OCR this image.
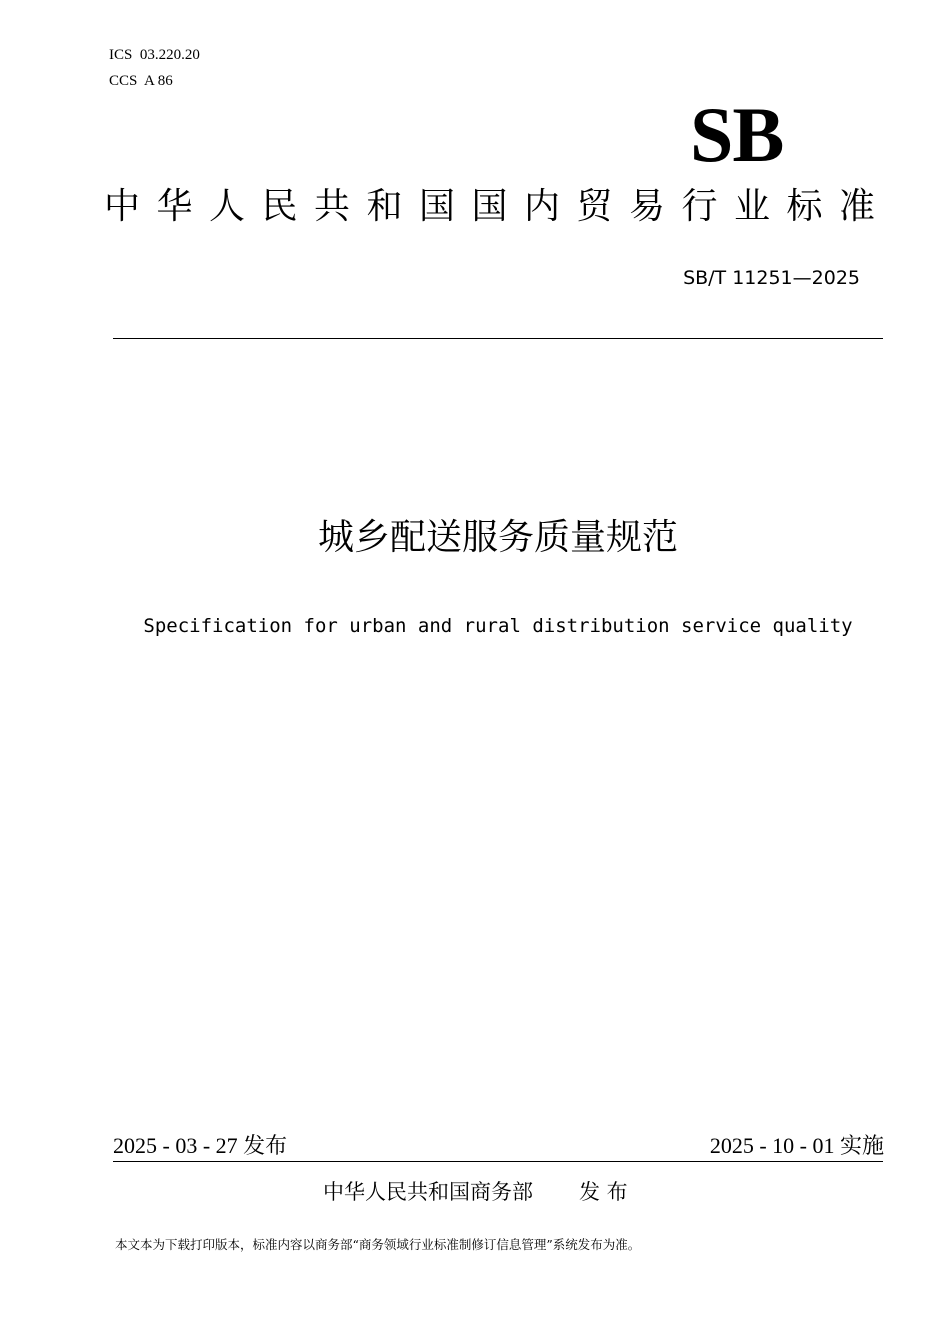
ICS  03.220.20
CCS  A 86
SB
中华人民共和国国内贸易行业标准
SB/T 11251—2025
城乡配送服务质量规范
Specification for urban and rural distribution service quality
2025 - 03 - 27 发布	2025 - 10 - 01 实施
中华人民共和国商务部 发 布
本文本为下载打印版本，标准内容以商务部“商务领域行业标准制修订信息管理”系统发布为准。
